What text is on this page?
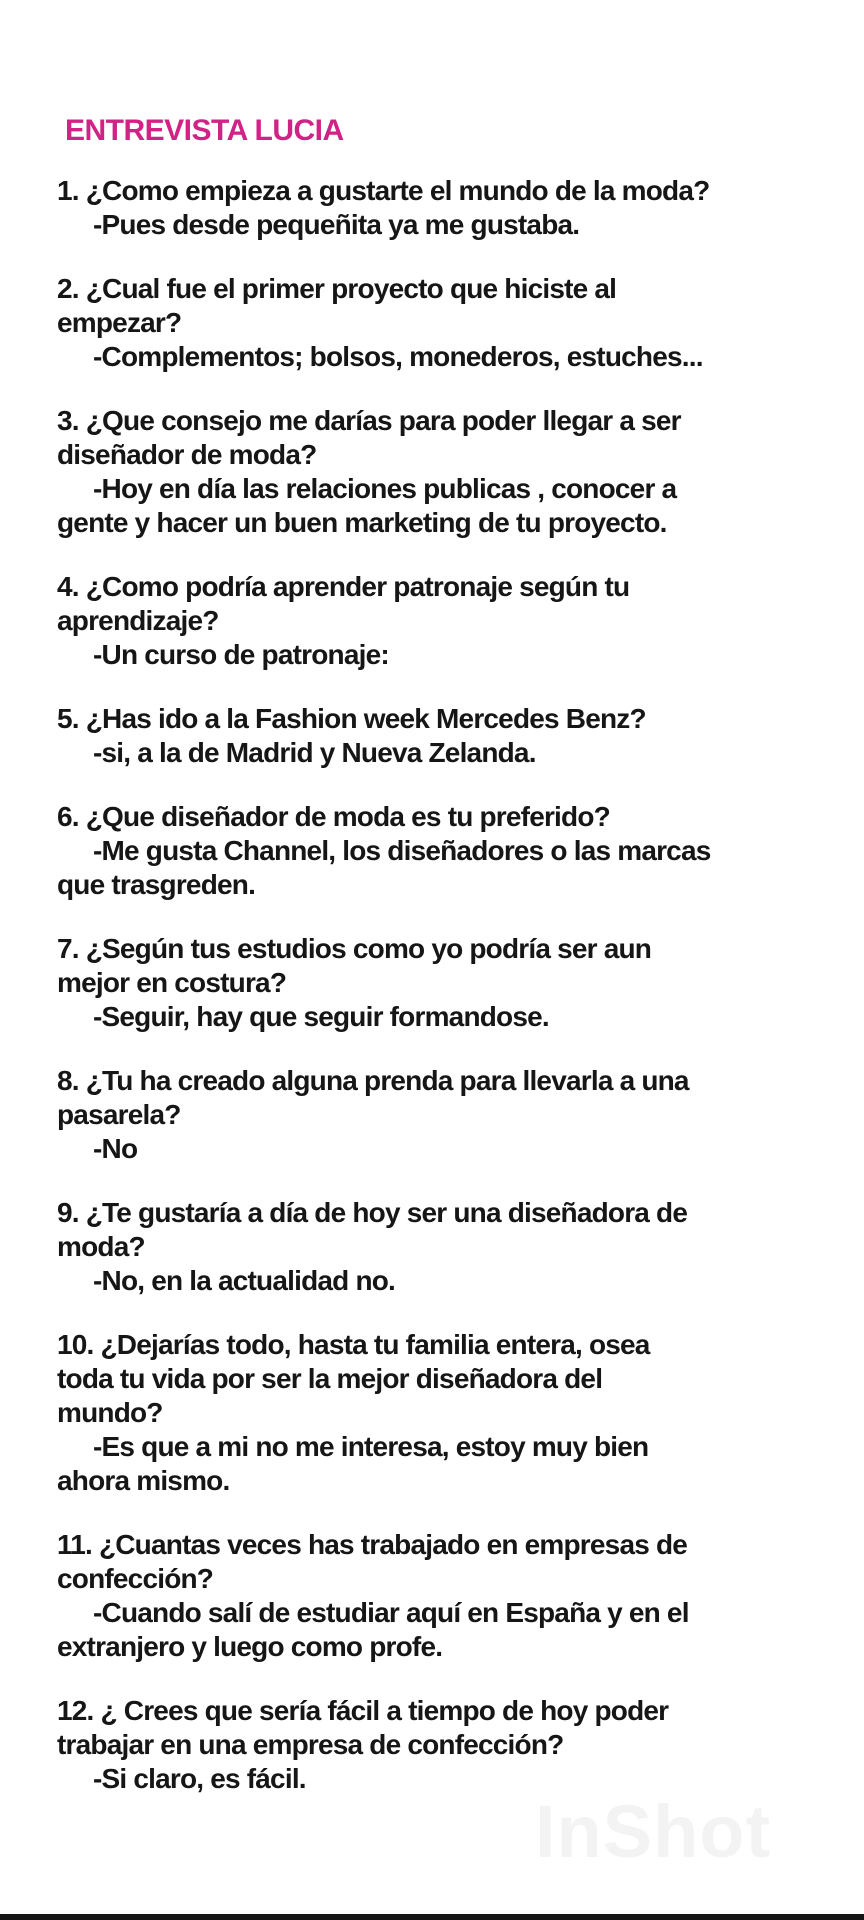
ENTREVISTA LUCIA
1. ¿Como empieza a gustarte el mundo de la moda?
-Pues desde pequeñita ya me gustaba.
2. ¿Cual fue el primer proyecto que hiciste al
empezar?
-Complementos; bolsos, monederos, estuches...
3. ¿Que consejo me darías para poder llegar a ser
diseñador de moda?
-Hoy en día las relaciones publicas , conocer a
gente y hacer un buen marketing de tu proyecto.
4. ¿Como podría aprender patronaje según tu
aprendizaje?
-Un curso de patronaje:
5. ¿Has ido a la Fashion week Mercedes Benz?
-si, a la de Madrid y Nueva Zelanda.
6. ¿Que diseñador de moda es tu preferido?
-Me gusta Channel, los diseñadores o las marcas
que trasgreden.
7. ¿Según tus estudios como yo podría ser aun
mejor en costura?
-Seguir, hay que seguir formandose.
8. ¿Tu ha creado alguna prenda para llevarla a una
pasarela?
-No
9. ¿Te gustaría a día de hoy ser una diseñadora de
moda?
-No, en la actualidad no.
10. ¿Dejarías todo, hasta tu familia entera, osea
toda tu vida por ser la mejor diseñadora del
mundo?
-Es que a mi no me interesa, estoy muy bien
ahora mismo.
11. ¿Cuantas veces has trabajado en empresas de
confección?
-Cuando salí de estudiar aquí en España y en el
extranjero y luego como profe.
12. ¿ Crees que sería fácil a tiempo de hoy poder
trabajar en una empresa de confección?
-Si claro, es fácil.
InShot
